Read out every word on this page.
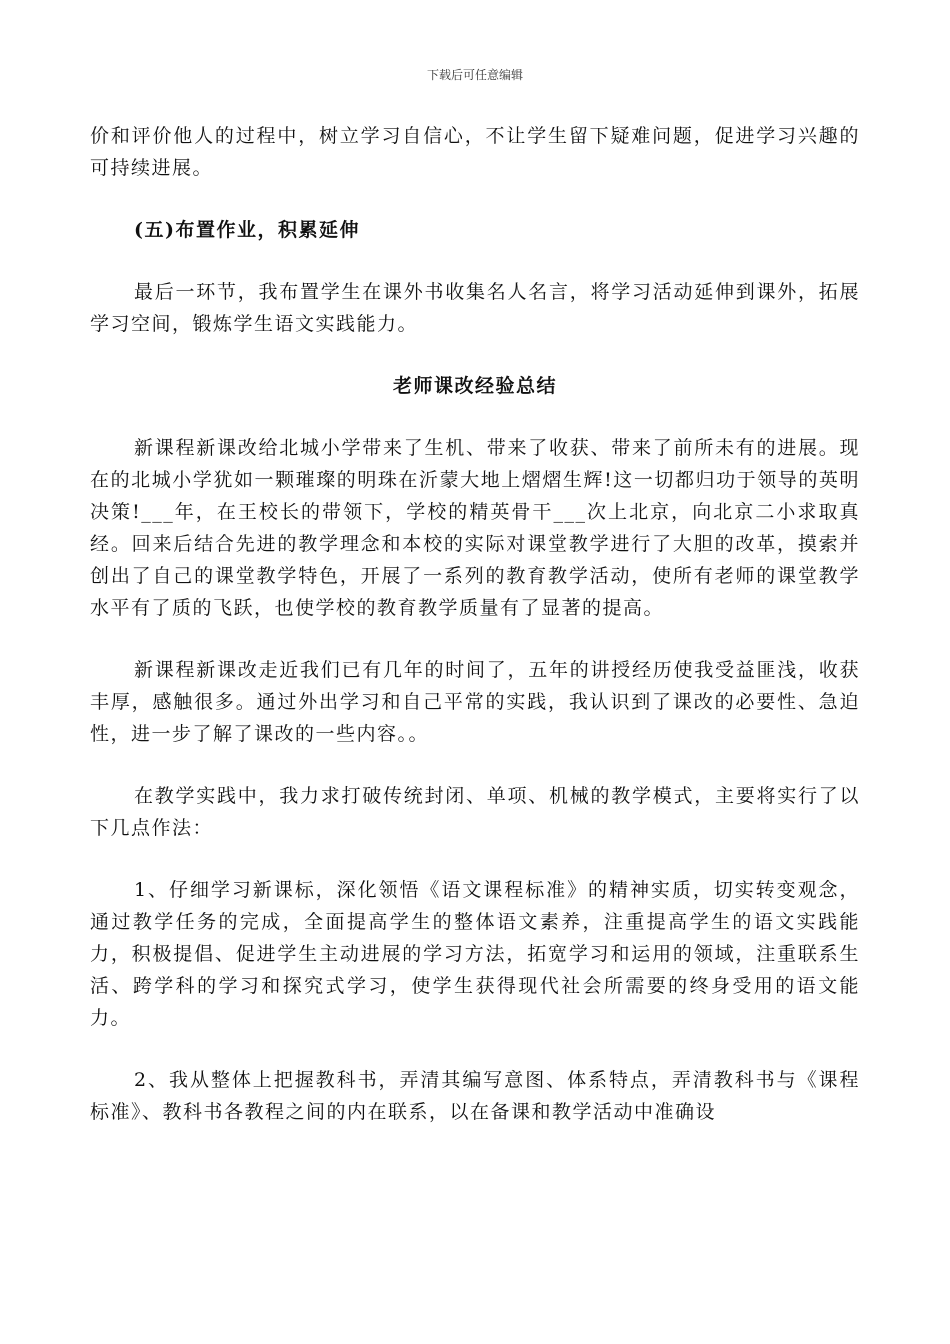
下载后可任意编辑

价和评价他人的过程中，树立学习自信心，不让学生留下疑难问题，促进学习兴趣的可持续进展。

(五)布置作业，积累延伸

最后一环节，我布置学生在课外书收集名人名言，将学习活动延伸到课外，拓展学习空间，锻炼学生语文实践能力。

老师课改经验总结

新课程新课改给北城小学带来了生机、带来了收获、带来了前所未有的进展。现在的北城小学犹如一颗璀璨的明珠在沂蒙大地上熠熠生辉!这一切都归功于领导的英明决策!___年，在王校长的带领下，学校的精英骨干___次上北京，向北京二小求取真经。回来后结合先进的教学理念和本校的实际对课堂教学进行了大胆的改革，摸索并创出了自己的课堂教学特色，开展了一系列的教育教学活动，使所有老师的课堂教学水平有了质的飞跃，也使学校的教育教学质量有了显著的提高。

新课程新课改走近我们已有几年的时间了，五年的讲授经历使我受益匪浅，收获丰厚，感触很多。通过外出学习和自己平常的实践，我认识到了课改的必要性、急迫性，进一步了解了课改的一些内容。。

在教学实践中，我力求打破传统封闭、单项、机械的教学模式，主要将实行了以下几点作法：

1、仔细学习新课标，深化领悟《语文课程标准》的精神实质，切实转变观念，通过教学任务的完成，全面提高学生的整体语文素养，注重提高学生的语文实践能力，积极提倡、促进学生主动进展的学习方法，拓宽学习和运用的领域，注重联系生活、跨学科的学习和探究式学习，使学生获得现代社会所需要的终身受用的语文能力。

2、我从整体上把握教科书，弄清其编写意图、体系特点，弄清教科书与《课程标准》、教科书各教程之间的内在联系，以在备课和教学活动中准确设
